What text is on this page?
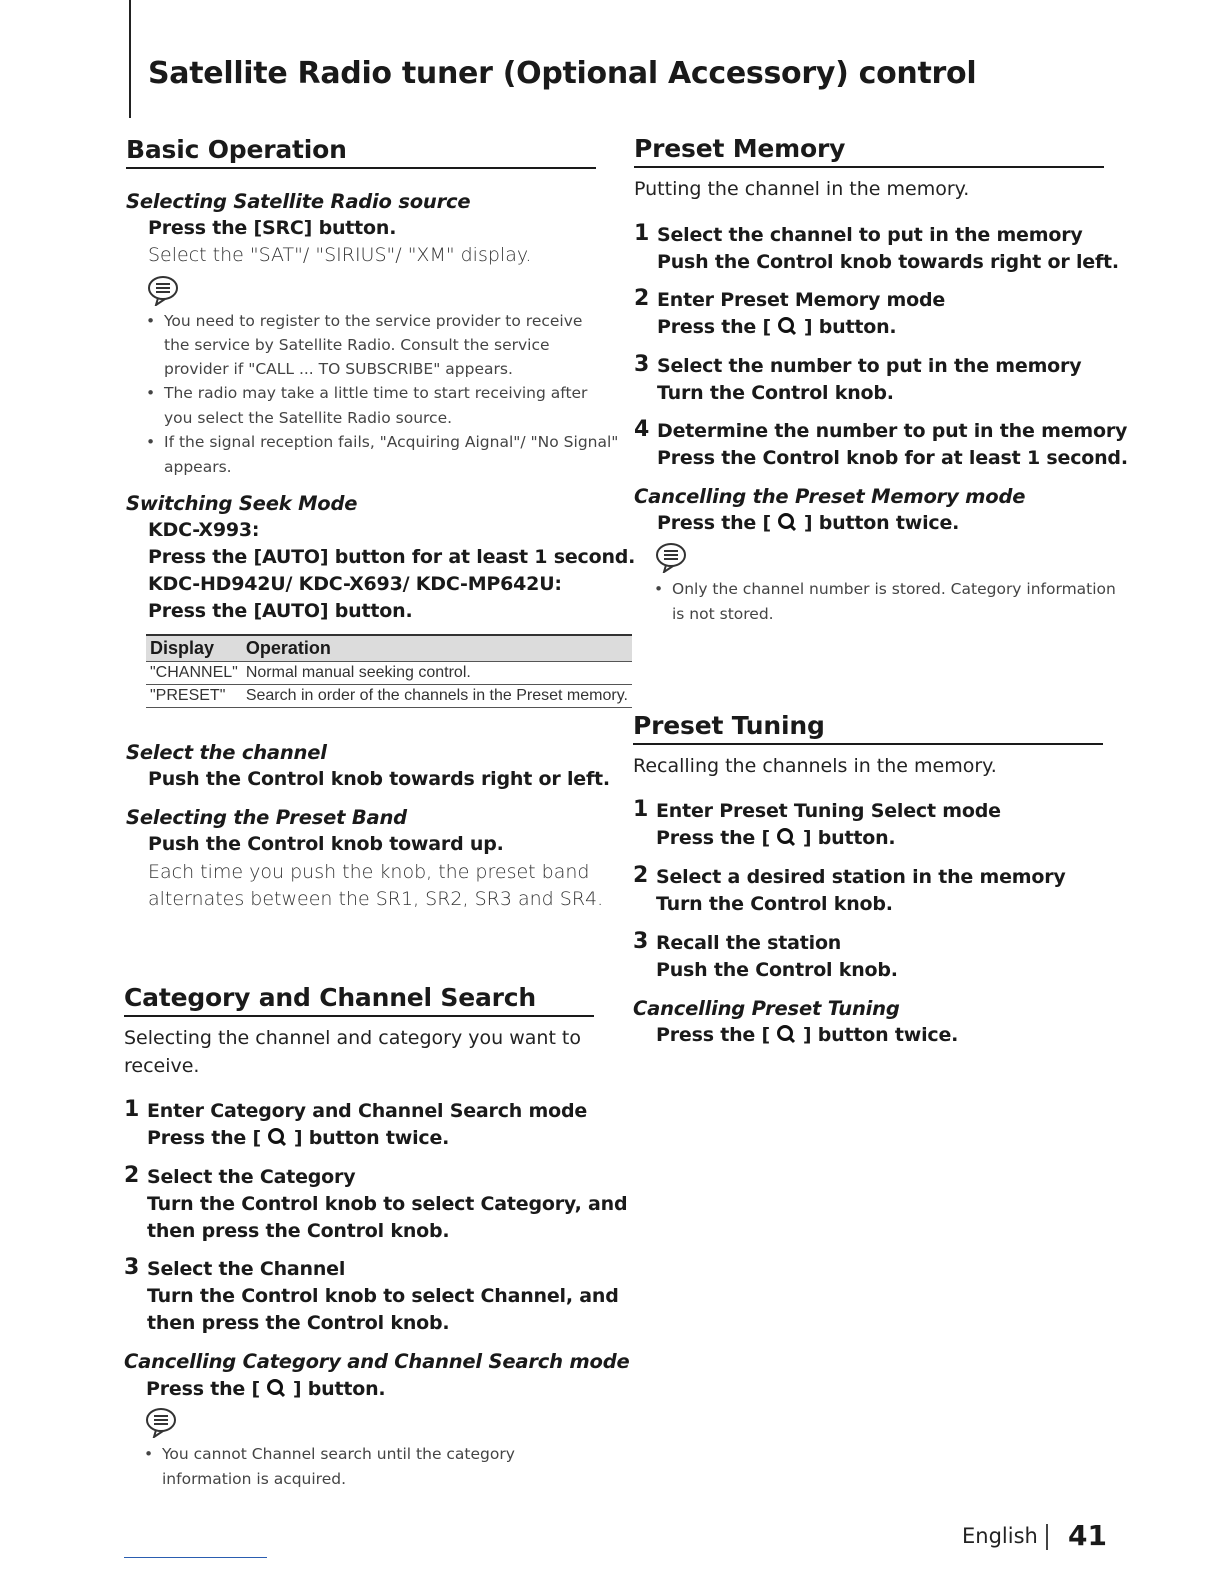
Satellite Radio tuner (Optional Accessory) control
Basic Operation
Selecting Satellite Radio source
Press the [SRC] button.
Select the "SAT"/ "SIRIUS"/ "XM" display.
• You need to register to the service provider to receive
the service by Satellite Radio. Consult the service
provider if "CALL ... TO SUBSCRIBE" appears.
• The radio may take a little time to start receiving after
you select the Satellite Radio source.
• If the signal reception fails, "Acquiring Aignal"/ "No Signal"
appears.
Switching Seek Mode
KDC-X993:
Press the [AUTO] button for at least 1 second.
KDC-HD942U/ KDC-X693/ KDC-MP642U:
Press the [AUTO] button.
Display	Operation
"CHANNEL"	Normal manual seeking control.
"PRESET"	Search in order of the channels in the Preset memory.
Select the channel
Push the Control knob towards right or left.
Selecting the Preset Band
Push the Control knob toward up.
Each time you push the knob, the preset band
alternates between the SR1, SR2, SR3 and SR4.
Category and Channel Search
Selecting the channel and category you want to
receive.
1 Enter Category and Channel Search mode
Press the [  ] button twice.
2 Select the Category
Turn the Control knob to select Category, and
then press the Control knob.
3 Select the Channel
Turn the Control knob to select Channel, and
then press the Control knob.
Cancelling Category and Channel Search mode
Press the [  ] button.
• You cannot Channel search until the category
information is acquired.
Preset Memory
Putting the channel in the memory.
1 Select the channel to put in the memory
Push the Control knob towards right or left.
2 Enter Preset Memory mode
Press the [  ] button.
3 Select the number to put in the memory
Turn the Control knob.
4 Determine the number to put in the memory
Press the Control knob for at least 1 second.
Cancelling the Preset Memory mode
Press the [  ] button twice.
• Only the channel number is stored. Category information
is not stored.
Preset Tuning
Recalling the channels in the memory.
1 Enter Preset Tuning Select mode
Press the [  ] button.
2 Select a desired station in the memory
Turn the Control knob.
3 Recall the station
Push the Control knob.
Cancelling Preset Tuning
Press the [  ] button twice.
English 41
